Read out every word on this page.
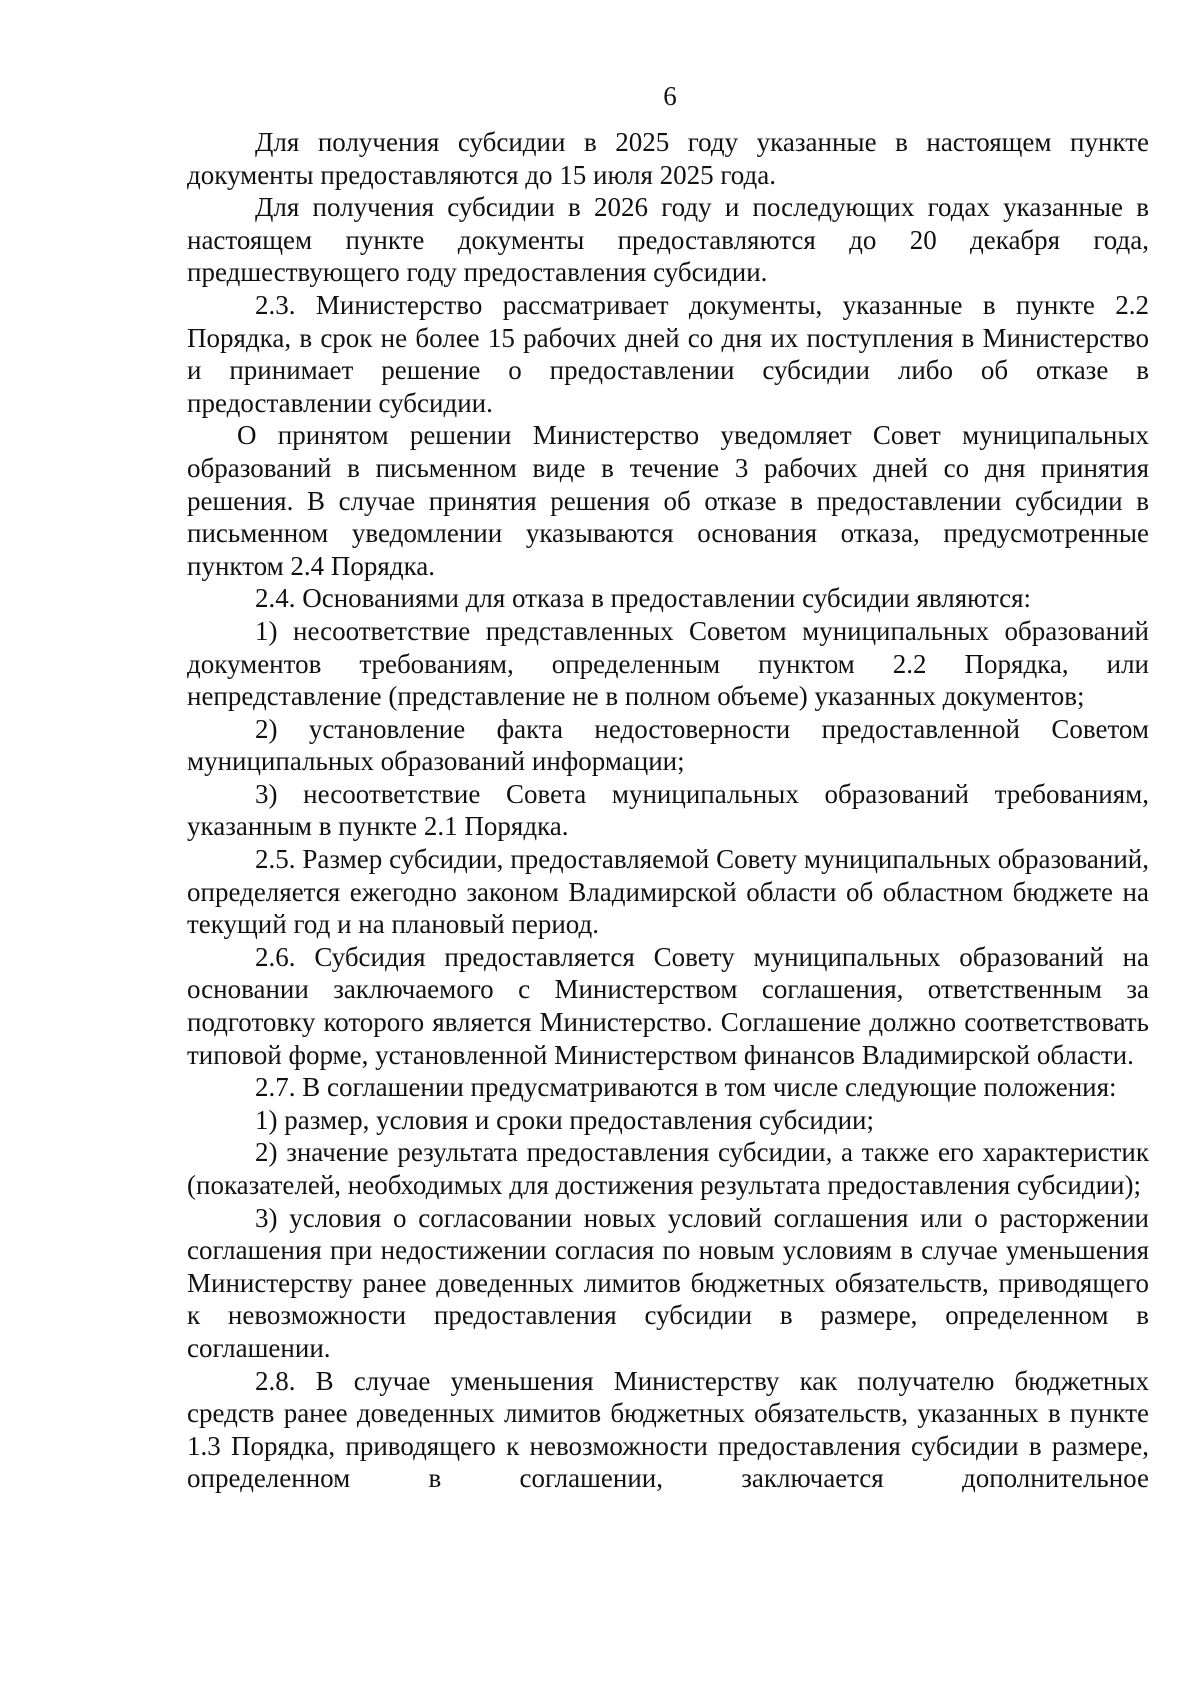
6

Для получения субсидии в 2025 году указанные в настоящем пункте документы предоставляются до 15 июля 2025 года.

Для получения субсидии в 2026 году и последующих годах указанные в настоящем пункте документы предоставляются до 20 декабря года, предшествующего году предоставления субсидии.

2.3. Министерство рассматривает документы, указанные в пункте 2.2 Порядка, в срок не более 15 рабочих дней со дня их поступления в Министерство и принимает решение о предоставлении субсидии либо об отказе в предоставлении субсидии.

О принятом решении Министерство уведомляет Совет муниципальных образований в письменном виде в течение 3 рабочих дней со дня принятия решения. В случае принятия решения об отказе в предоставлении субсидии в письменном уведомлении указываются основания отказа, предусмотренные пунктом 2.4 Порядка.

2.4. Основаниями для отказа в предоставлении субсидии являются:

1) несоответствие представленных Советом муниципальных образований документов требованиям, определенным пунктом 2.2 Порядка, или непредставление (представление не в полном объеме) указанных документов;

2) установление факта недостоверности предоставленной Советом муниципальных образований информации;

3) несоответствие Совета муниципальных образований требованиям, указанным в пункте 2.1 Порядка.

2.5. Размер субсидии, предоставляемой Совету муниципальных образований, определяется ежегодно законом Владимирской области об областном бюджете на текущий год и на плановый период.

2.6. Субсидия предоставляется Совету муниципальных образований на основании заключаемого с Министерством соглашения, ответственным за подготовку которого является Министерство. Соглашение должно соответствовать типовой форме, установленной Министерством финансов Владимирской области.

2.7. В соглашении предусматриваются в том числе следующие положения:

1) размер, условия и сроки предоставления субсидии;

2) значение результата предоставления субсидии, а также его характеристик (показателей, необходимых для достижения результата предоставления субсидии);

3) условия о согласовании новых условий соглашения или о расторжении соглашения при недостижении согласия по новым условиям в случае уменьшения Министерству ранее доведенных лимитов бюджетных обязательств, приводящего к невозможности предоставления субсидии в размере, определенном в соглашении.

2.8. В случае уменьшения Министерству как получателю бюджетных средств ранее доведенных лимитов бюджетных обязательств, указанных в пункте 1.3 Порядка, приводящего к невозможности предоставления субсидии в размере, определенном в соглашении, заключается дополнительное
